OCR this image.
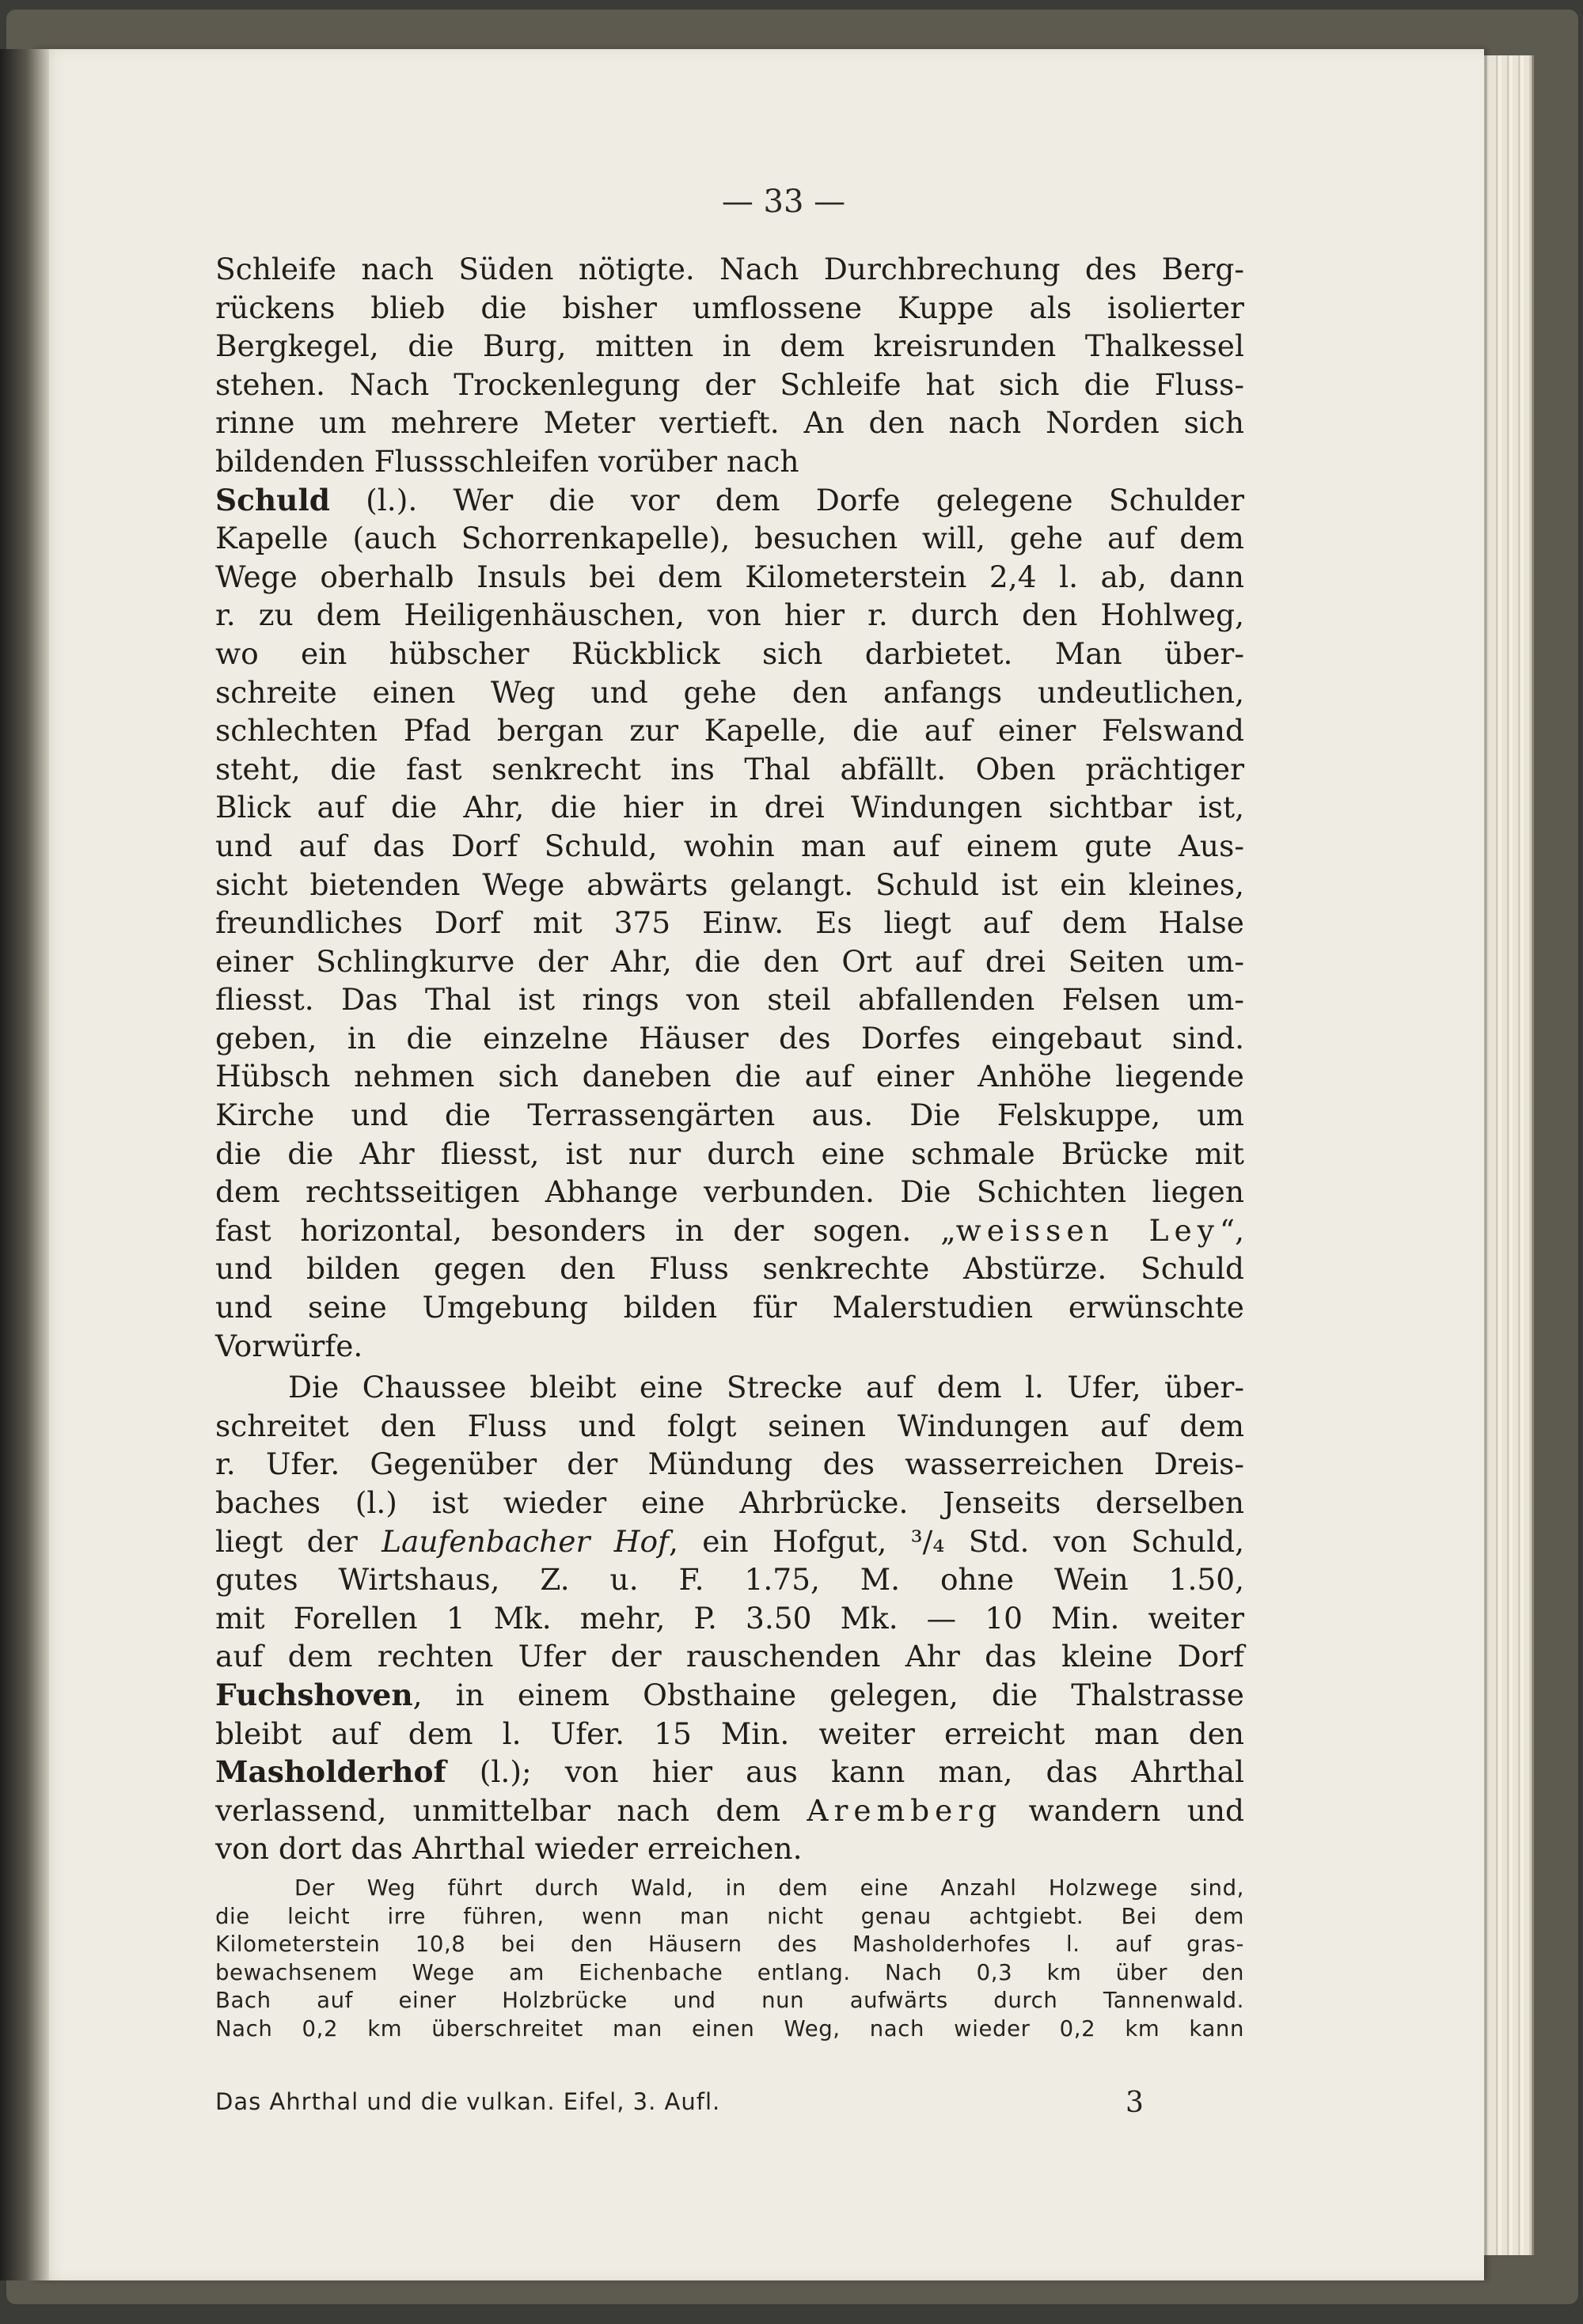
— 33 —

Schleife nach Süden nötigte. Nach Durchbrechung des Berg-

rückens blieb die bisher umflossene Kuppe als isolierter

Bergkegel, die Burg, mitten in dem kreisrunden Thalkessel

stehen. Nach Trockenlegung der Schleife hat sich die Fluss-

rinne um mehrere Meter vertieft. An den nach Norden sich

bildenden Flussschleifen vorüber nach

Schuld (l.). Wer die vor dem Dorfe gelegene Schulder

Kapelle (auch Schorrenkapelle), besuchen will, gehe auf dem

Wege oberhalb Insuls bei dem Kilometerstein 2,4 l. ab, dann

r. zu dem Heiligenhäuschen, von hier r. durch den Hohlweg,

wo ein hübscher Rückblick sich darbietet. Man über-

schreite einen Weg und gehe den anfangs undeutlichen,

schlechten Pfad bergan zur Kapelle, die auf einer Felswand

steht, die fast senkrecht ins Thal abfällt. Oben prächtiger

Blick auf die Ahr, die hier in drei Windungen sichtbar ist,

und auf das Dorf Schuld, wohin man auf einem gute Aus-

sicht bietenden Wege abwärts gelangt. Schuld ist ein kleines,

freundliches Dorf mit 375 Einw. Es liegt auf dem Halse

einer Schlingkurve der Ahr, die den Ort auf drei Seiten um-

fliesst. Das Thal ist rings von steil abfallenden Felsen um-

geben, in die einzelne Häuser des Dorfes eingebaut sind.

Hübsch nehmen sich daneben die auf einer Anhöhe liegende

Kirche und die Terrassengärten aus. Die Felskuppe, um

die die Ahr fliesst, ist nur durch eine schmale Brücke mit

dem rechtsseitigen Abhange verbunden. Die Schichten liegen

fast horizontal, besonders in der sogen. „weissen Ley“,

und bilden gegen den Fluss senkrechte Abstürze. Schuld

und seine Umgebung bilden für Malerstudien erwünschte

Vorwürfe.

Die Chaussee bleibt eine Strecke auf dem l. Ufer, über-

schreitet den Fluss und folgt seinen Windungen auf dem

r. Ufer. Gegenüber der Mündung des wasserreichen Dreis-

baches (l.) ist wieder eine Ahrbrücke. Jenseits derselben

liegt der Laufenbacher Hof, ein Hofgut, ³/₄ Std. von Schuld,

gutes Wirtshaus, Z. u. F. 1.75, M. ohne Wein 1.50,

mit Forellen 1 Mk. mehr, P. 3.50 Mk. — 10 Min. weiter

auf dem rechten Ufer der rauschenden Ahr das kleine Dorf

Fuchshoven, in einem Obsthaine gelegen, die Thalstrasse

bleibt auf dem l. Ufer. 15 Min. weiter erreicht man den

Masholderhof (l.); von hier aus kann man, das Ahrthal

verlassend, unmittelbar nach dem Aremberg wandern und

von dort das Ahrthal wieder erreichen.

Der Weg führt durch Wald, in dem eine Anzahl Holzwege sind,

die leicht irre führen, wenn man nicht genau achtgiebt. Bei dem

Kilometerstein 10,8 bei den Häusern des Masholderhofes l. auf gras-

bewachsenem Wege am Eichenbache entlang. Nach 0,3 km über den

Bach auf einer Holzbrücke und nun aufwärts durch Tannenwald.

Nach 0,2 km überschreitet man einen Weg, nach wieder 0,2 km kann

Das Ahrthal und die vulkan. Eifel, 3. Aufl.	3
